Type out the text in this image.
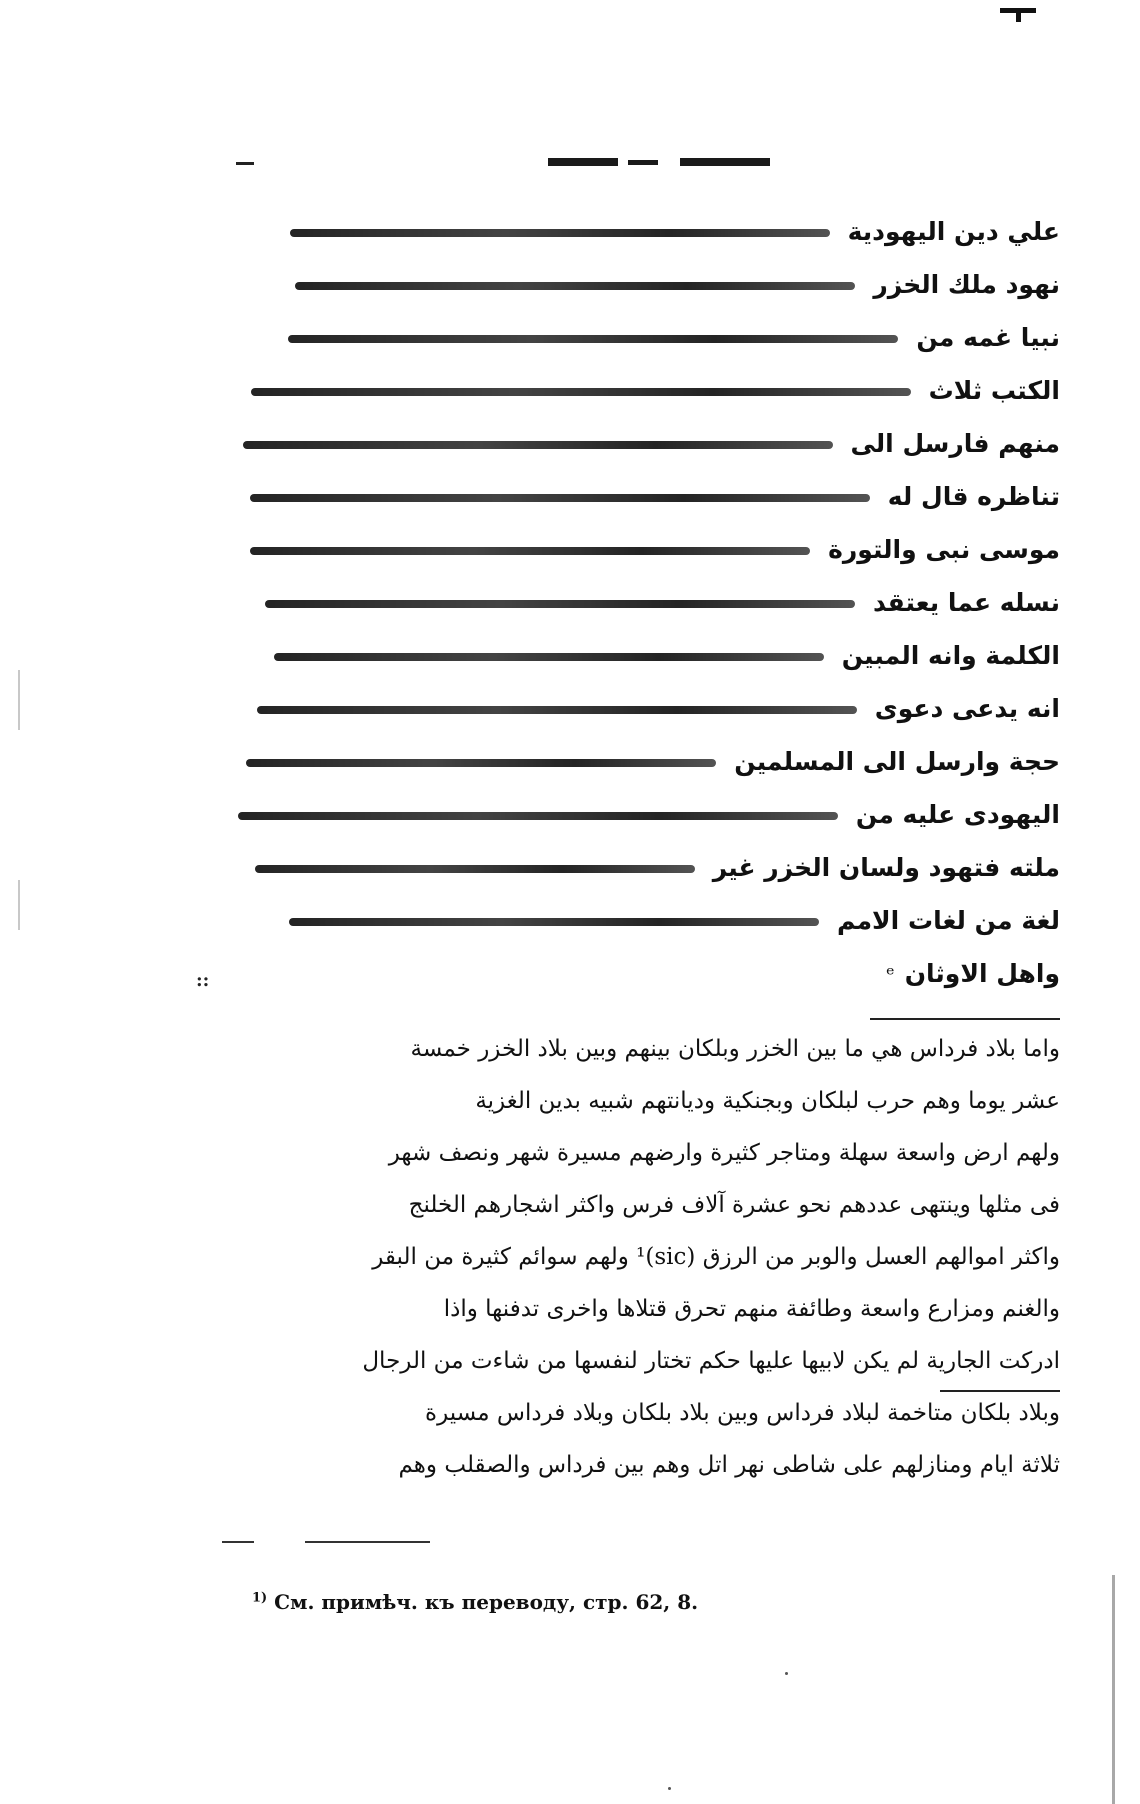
علي دين اليهودية
نهود ملك الخزر
نبيا غمه من
الكتب ثلاث
منهم فارسل الى
تناظره قال له
موسى نبى والتورة
نسله عما يعتقد
الكلمة وانه المبين
انه يدعى دعوى
حجة وارسل الى المسلمين
اليهودى عليه من
ملته فتهود ولسان الخزر غير
لغة من لغات الامم
واهل الاوثانᵉ
::
واما بلاد فرداس هي ما بين الخزر وبلكان بينهم وبين بلاد الخزر خمسة
عشر يوما وهم حرب لبلكان وبجنكية وديانتهم شبيه بدين الغزية
ولهم ارض واسعة سهلة ومتاجر كثيرة وارضهم مسيرة شهر ونصف شهر
فى مثلها وينتهى عددهم نحو عشرة آلاف فرس واكثر اشجارهم الخلنج
واكثر اموالهم العسل والوبر من الرزق (sic)¹ ولهم سوائم كثيرة من البقر
والغنم ومزارع واسعة وطائفة منهم تحرق قتلاها واخرى تدفنها واذا
ادركت الجارية لم يكن لابيها عليها حكم تختار لنفسها من شاءت من الرجال
وبلاد بلكان متاخمة لبلاد فرداس وبين بلاد بلكان وبلاد فرداس مسيرة
ثلاثة ايام ومنازلهم على شاطى نهر اتل وهم بين فرداس والصقلب وهم
$^{1)}$ См. примѣч. къ переводу, стр. 62, 8.
